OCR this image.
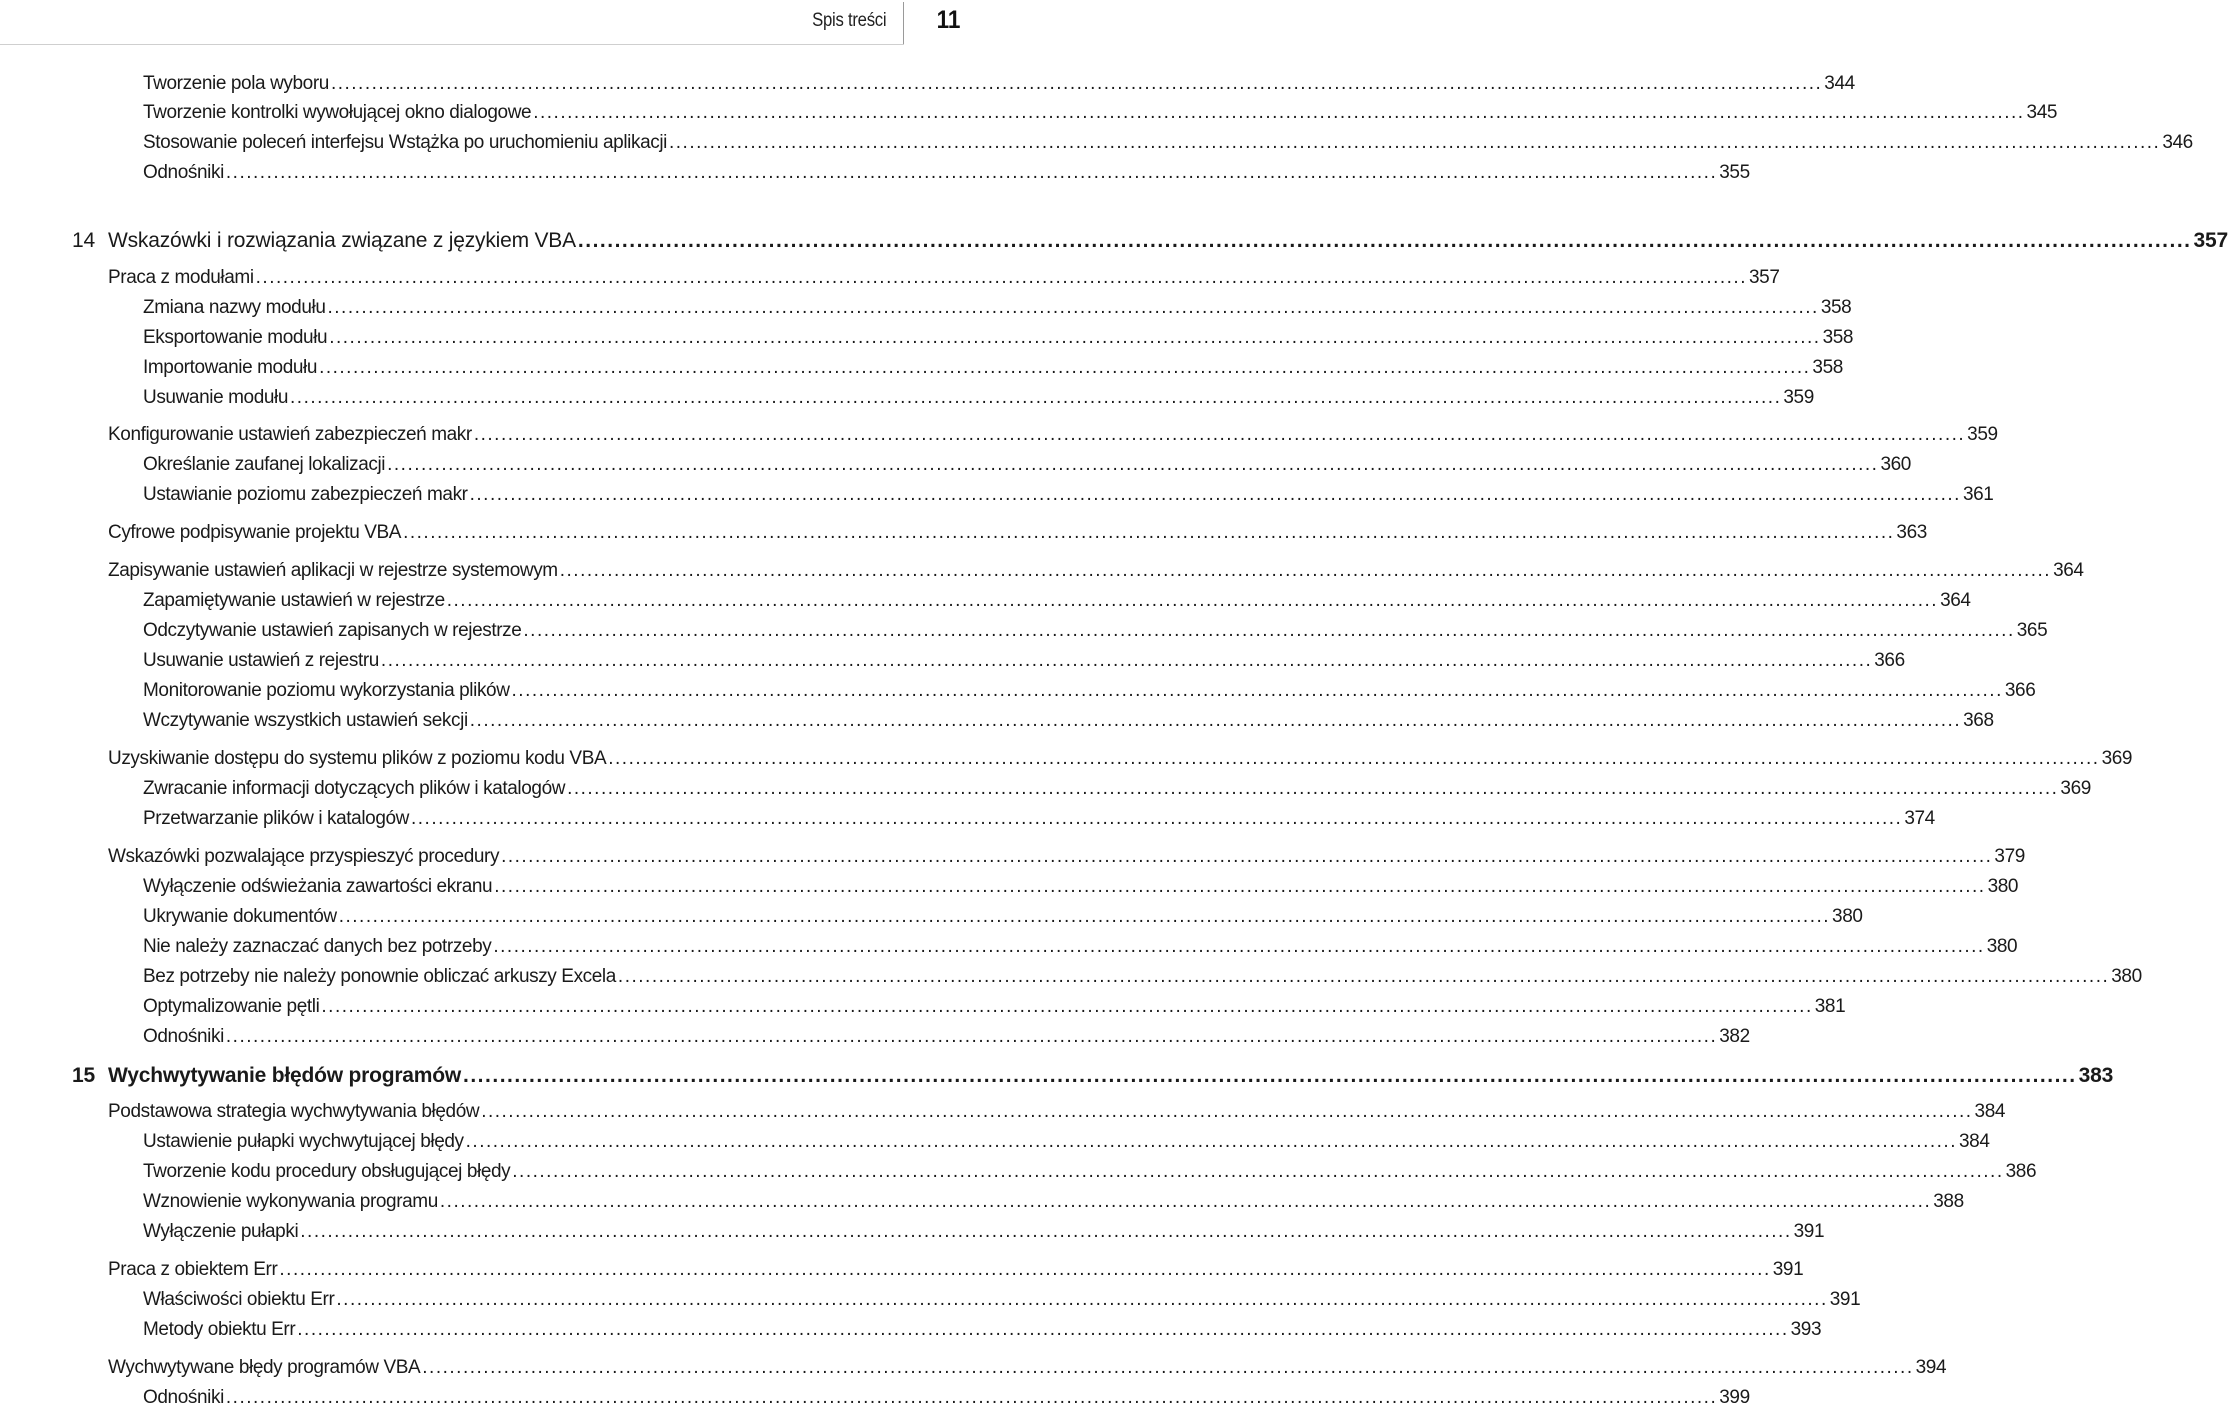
Spis treści 11
Tworzenie pola wyboru ............................................................................................................................................................................................................................ 344
Tworzenie kontrolki wywołującej okno dialogowe ............................................................................................................................................................................................................................ 345
Stosowanie poleceń interfejsu Wstążka po uruchomieniu aplikacji ............................................................................................................................................................................................................................ 346
Odnośniki ............................................................................................................................................................................................................................ 355
14 Wskazówki i rozwiązania związane z językiem VBA ............................................................................................................................................................................................................................ 357
Praca z modułami ............................................................................................................................................................................................................................ 357
Zmiana nazwy modułu ............................................................................................................................................................................................................................ 358
Eksportowanie modułu ............................................................................................................................................................................................................................ 358
Importowanie modułu ............................................................................................................................................................................................................................ 358
Usuwanie modułu ............................................................................................................................................................................................................................ 359
Konfigurowanie ustawień zabezpieczeń makr ............................................................................................................................................................................................................................ 359
Określanie zaufanej lokalizacji ............................................................................................................................................................................................................................ 360
Ustawianie poziomu zabezpieczeń makr ............................................................................................................................................................................................................................ 361
Cyfrowe podpisywanie projektu VBA ............................................................................................................................................................................................................................ 363
Zapisywanie ustawień aplikacji w rejestrze systemowym ............................................................................................................................................................................................................................ 364
Zapamiętywanie ustawień w rejestrze ............................................................................................................................................................................................................................ 364
Odczytywanie ustawień zapisanych w rejestrze ............................................................................................................................................................................................................................ 365
Usuwanie ustawień z rejestru ............................................................................................................................................................................................................................ 366
Monitorowanie poziomu wykorzystania plików ............................................................................................................................................................................................................................ 366
Wczytywanie wszystkich ustawień sekcji ............................................................................................................................................................................................................................ 368
Uzyskiwanie dostępu do systemu plików z poziomu kodu VBA ............................................................................................................................................................................................................................ 369
Zwracanie informacji dotyczących plików i katalogów ............................................................................................................................................................................................................................ 369
Przetwarzanie plików i katalogów ............................................................................................................................................................................................................................ 374
Wskazówki pozwalające przyspieszyć procedury ............................................................................................................................................................................................................................ 379
Wyłączenie odświeżania zawartości ekranu ............................................................................................................................................................................................................................ 380
Ukrywanie dokumentów ............................................................................................................................................................................................................................ 380
Nie należy zaznaczać danych bez potrzeby ............................................................................................................................................................................................................................ 380
Bez potrzeby nie należy ponownie obliczać arkuszy Excela ............................................................................................................................................................................................................................ 380
Optymalizowanie pętli ............................................................................................................................................................................................................................ 381
Odnośniki ............................................................................................................................................................................................................................ 382
15 Wychwytywanie błędów programów ............................................................................................................................................................................................................................ 383
Podstawowa strategia wychwytywania błędów ............................................................................................................................................................................................................................ 384
Ustawienie pułapki wychwytującej błędy ............................................................................................................................................................................................................................ 384
Tworzenie kodu procedury obsługującej błędy ............................................................................................................................................................................................................................ 386
Wznowienie wykonywania programu ............................................................................................................................................................................................................................ 388
Wyłączenie pułapki ............................................................................................................................................................................................................................ 391
Praca z obiektem Err ............................................................................................................................................................................................................................ 391
Właściwości obiektu Err ............................................................................................................................................................................................................................ 391
Metody obiektu Err ............................................................................................................................................................................................................................ 393
Wychwytywane błędy programów VBA ............................................................................................................................................................................................................................ 394
Odnośniki ............................................................................................................................................................................................................................ 399
